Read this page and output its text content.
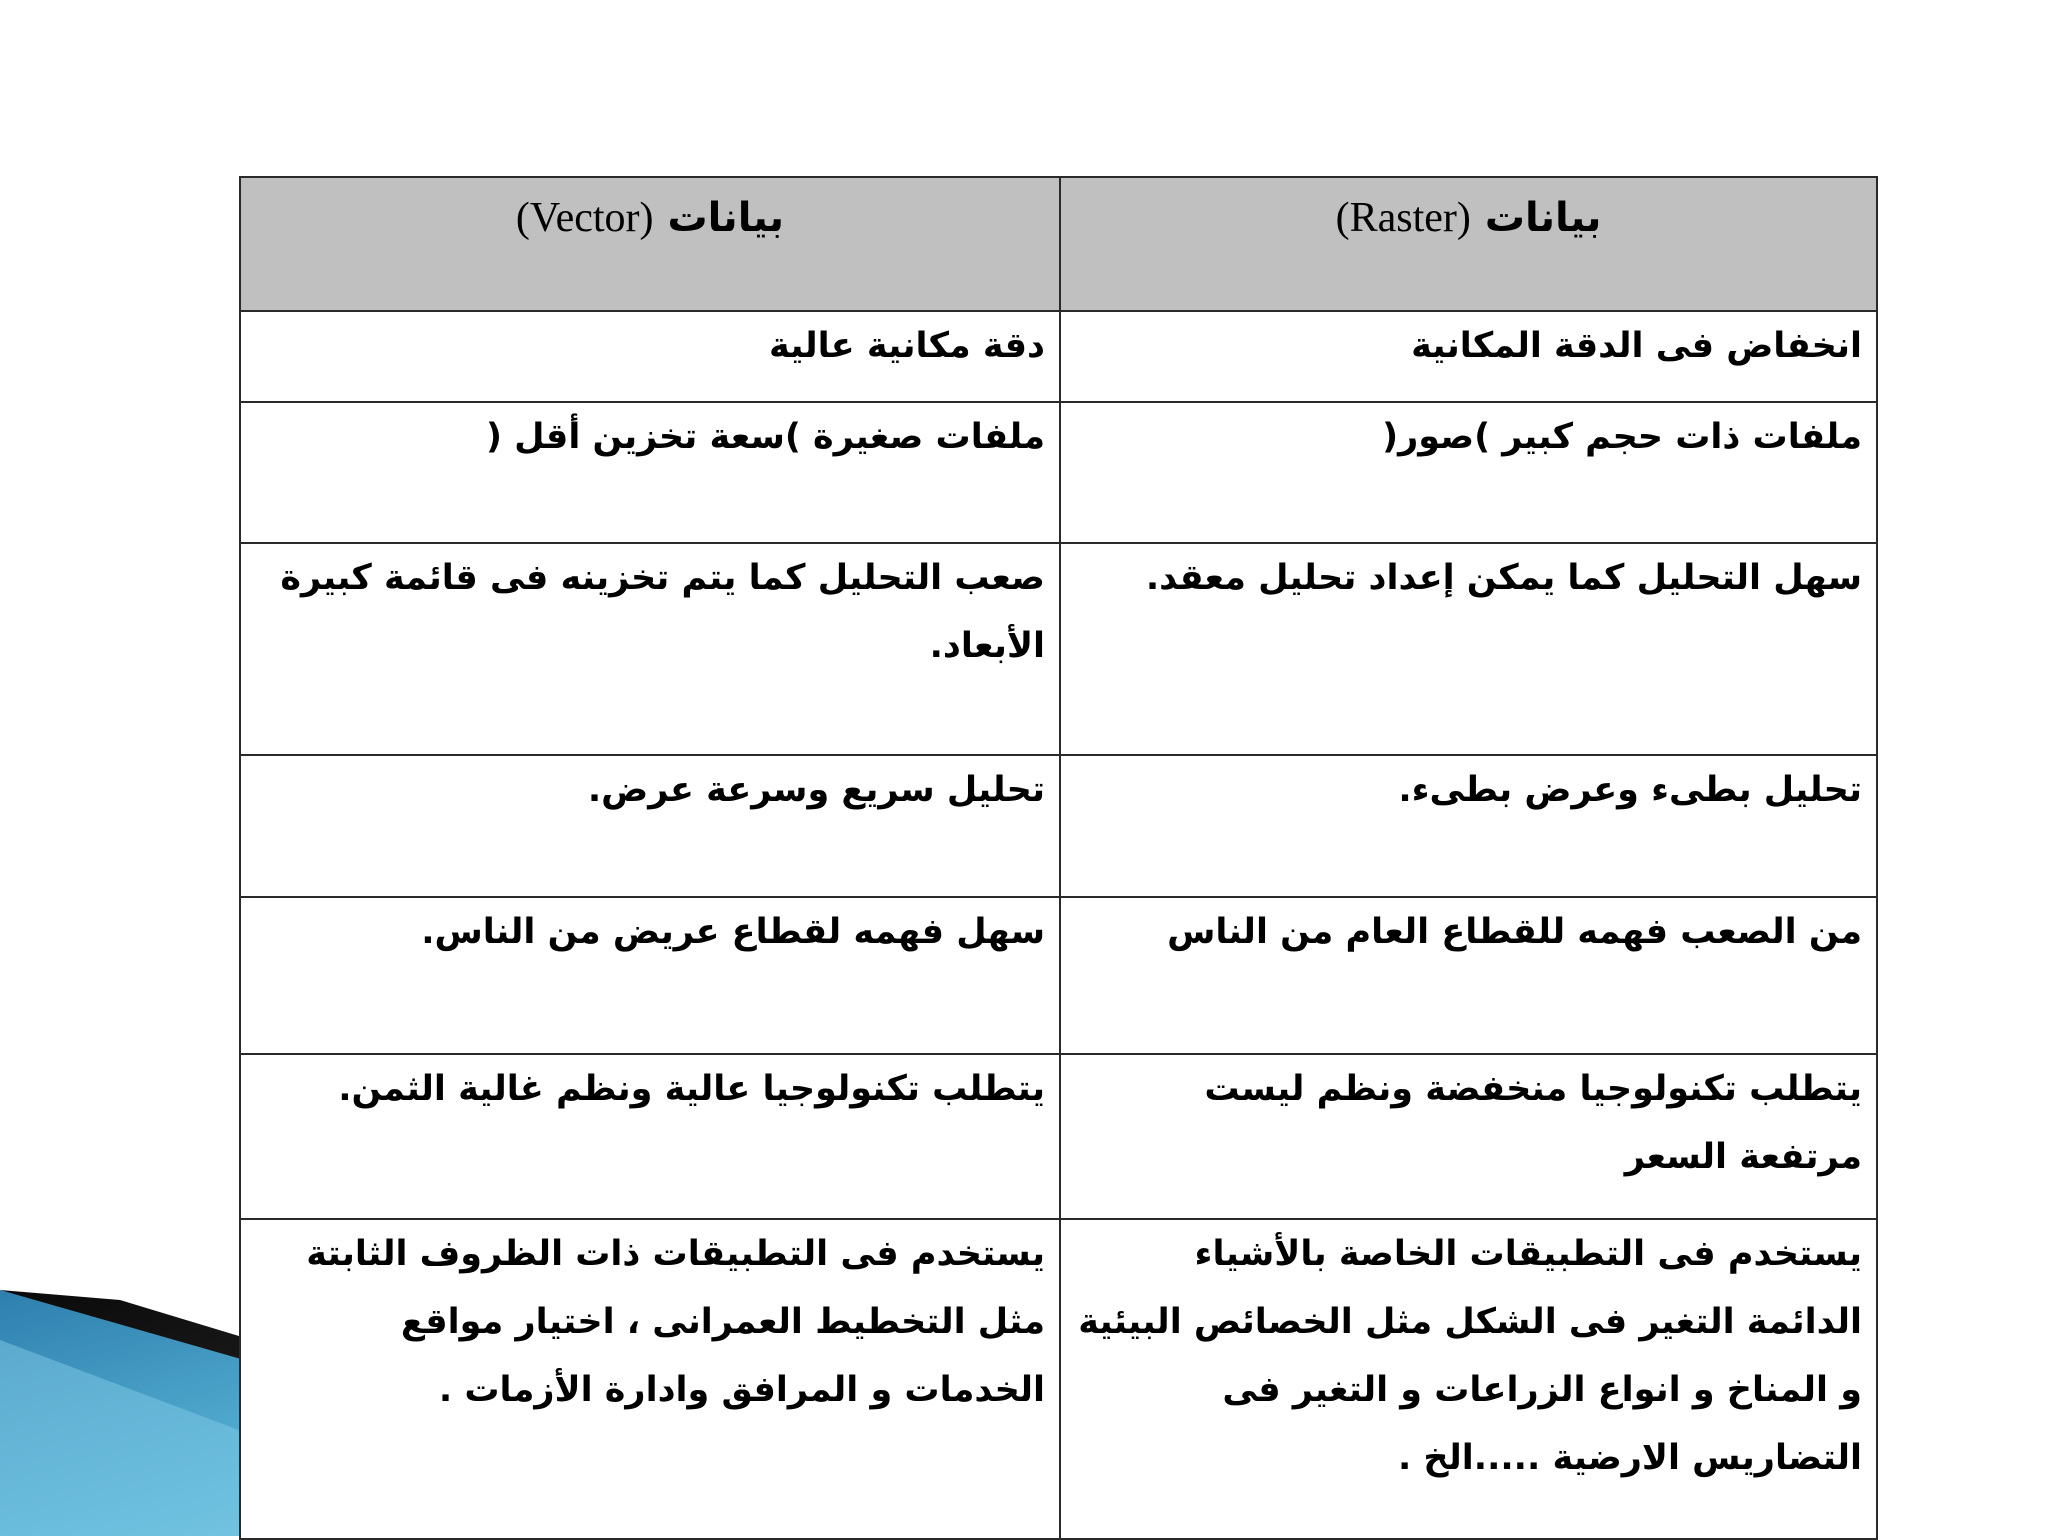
بيانات (Raster)	بيانات (Vector)
انخفاض فى الدقة المكانية	دقة مكانية عالية
ملفات ذات حجم كبير )صور(	ملفات صغيرة )سعة تخزين أقل (
سهل التحليل كما يمكن إعداد تحليل معقد.	صعب التحليل كما يتم تخزينه فى قائمة كبيرة الأبعاد.
تحليل بطىء وعرض بطىء.	تحليل سريع وسرعة عرض.
من الصعب فهمه للقطاع العام من الناس	سهل فهمه لقطاع عريض من الناس.
يتطلب تكنولوجيا منخفضة ونظم ليست مرتفعة السعر	يتطلب تكنولوجيا عالية ونظم غالية الثمن.
يستخدم فى التطبيقات الخاصة بالأشياء الدائمة التغير فى الشكل مثل الخصائص البيئية و المناخ و انواع الزراعات و التغير فى التضاريس الارضية .....الخ .	يستخدم فى التطبيقات ذات الظروف الثابتة مثل التخطيط العمرانى ، اختيار مواقع الخدمات و المرافق وادارة الأزمات .
